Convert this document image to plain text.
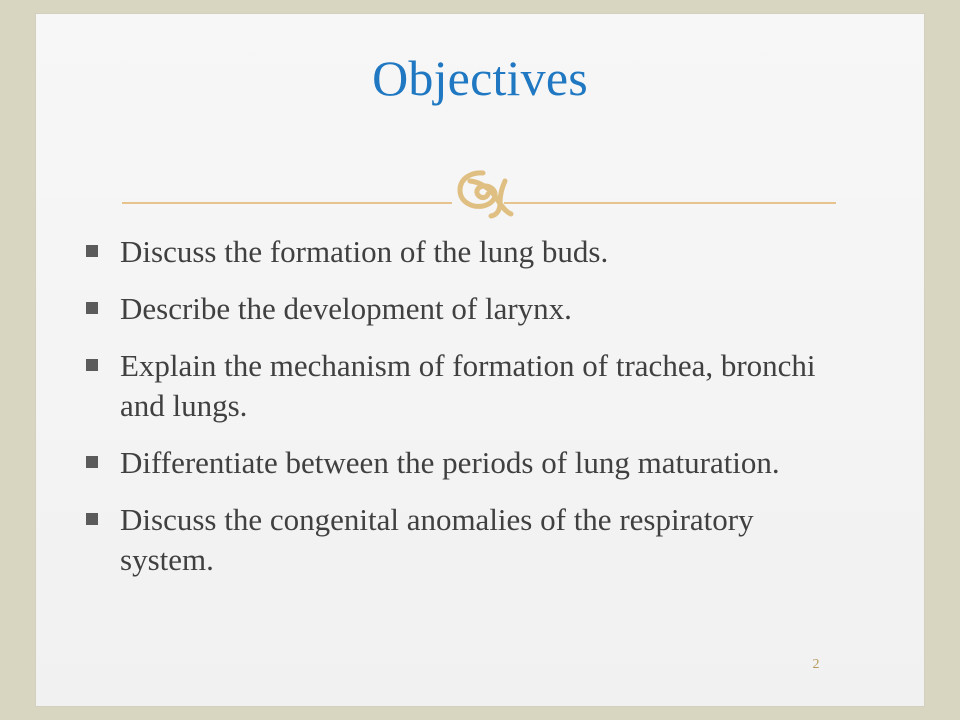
Objectives
Discuss the formation of the lung buds.
Describe the development of larynx.
Explain the mechanism of formation of trachea, bronchi and lungs.
Differentiate between the periods of lung maturation.
Discuss the congenital anomalies of the respiratory system.
2
